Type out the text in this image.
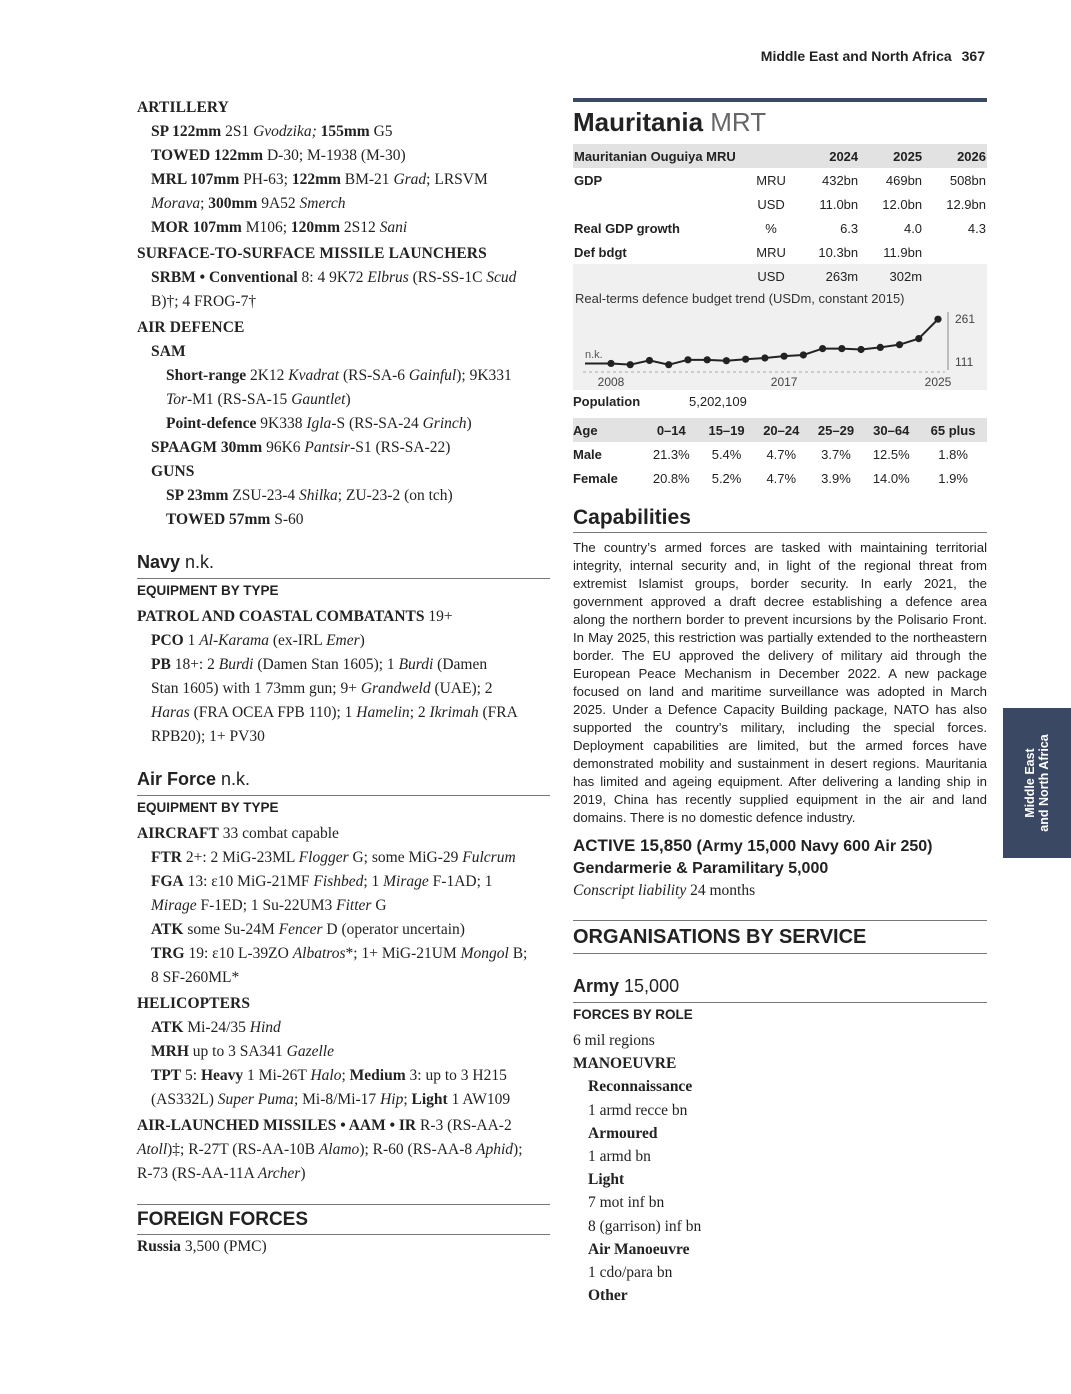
Middle East and North Africa 367
Middle East
and North Africa

ARTILLERY

SP 122mm 2S1 Gvodzika; 155mm G5

TOWED 122mm D-30; M-1938 (M-30)

MRL 107mm PH-63; 122mm BM-21 Grad; LRSVM

Morava; 300mm 9A52 Smerch

MOR 107mm M106; 120mm 2S12 Sani

SURFACE-TO-SURFACE MISSILE LAUNCHERS

SRBM • Conventional 8: 4 9K72 Elbrus (RS-SS-1C Scud

B)†; 4 FROG-7†

AIR DEFENCE

SAM

Short-range 2K12 Kvadrat (RS-SA-6 Gainful); 9K331

Tor-M1 (RS-SA-15 Gauntlet)

Point-defence 9K338 Igla-S (RS-SA-24 Grinch)

SPAAGM 30mm 96K6 Pantsir-S1 (RS-SA-22)

GUNS

SP 23mm ZSU-23-4 Shilka; ZU-23-2 (on tch)

TOWED 57mm S-60

Navy n.k.
EQUIPMENT BY TYPE

PATROL AND COASTAL COMBATANTS 19+

PCO 1 Al-Karama (ex-IRL Emer)

PB 18+: 2 Burdi (Damen Stan 1605); 1 Burdi (Damen

Stan 1605) with 1 73mm gun; 9+ Grandweld (UAE); 2

Haras (FRA OCEA FPB 110); 1 Hamelin; 2 Ikrimah (FRA

RPB20); 1+ PV30

Air Force n.k.
EQUIPMENT BY TYPE

AIRCRAFT 33 combat capable

FTR 2+: 2 MiG-23ML Flogger G; some MiG-29 Fulcrum

FGA 13: ε10 MiG-21MF Fishbed; 1 Mirage F-1AD; 1

Mirage F-1ED; 1 Su-22UM3 Fitter G

ATK some Su-24M Fencer D (operator uncertain)

TRG 19: ε10 L-39ZO Albatros*; 1+ MiG-21UM Mongol B;

8 SF-260ML*

HELICOPTERS

ATK Mi-24/35 Hind

MRH up to 3 SA341 Gazelle

TPT 5: Heavy 1 Mi-26T Halo; Medium 3: up to 3 H215

(AS332L) Super Puma; Mi-8/Mi-17 Hip; Light 1 AW109

AIR-LAUNCHED MISSILES • AAM • IR R-3 (RS-AA-2

Atoll)‡; R-27T (RS-AA-10B Alamo); R-60 (RS-AA-8 Aphid);

R-73 (RS-AA-11A Archer)

FOREIGN FORCES

Russia 3,500 (PMC)

Mauritania MRT
Mauritanian Ouguiya MRU		2024	2025	2026
GDP	MRU	432bn	469bn	508bn
	USD	11.0bn	12.0bn	12.9bn
Real GDP growth	%	6.3	4.0	4.3
Def bdgt	MRU	10.3bn	11.9bn	
	USD	263m	302m	
Real-terms defence budget trend (USDm, constant 2015)
n.k.
2008	2017	2025
261
111
Population	5,202,109
Age	0–14	15–19	20–24	25–29	30–64	65 plus
Male	21.3%	5.4%	4.7%	3.7%	12.5%	1.8%
Female	20.8%	5.2%	4.7%	3.9%	14.0%	1.9%
Capabilities
The country’s armed forces are tasked with maintaining territorial integrity, internal security and, in light of the regional threat from extremist Islamist groups, border security. In early 2021, the government approved a draft decree establishing a defence area along the northern border to prevent incursions by the Polisario Front. In May 2025, this restriction was partially extended to the northeastern border. The EU approved the delivery of military aid through the European Peace Mechanism in December 2022. A new package focused on land and maritime surveillance was adopted in March 2025. Under a Defence Capacity Building package, NATO has also supported the country’s military, including the special forces. Deployment capabilities are limited, but the armed forces have demonstrated mobility and sustainment in desert regions. Mauritania has limited and ageing equipment. After delivering a landing ship in 2019, China has recently supplied equipment in the air and land domains. There is no domestic defence industry.
ACTIVE 15,850 (Army 15,000 Navy 600 Air 250)
Gendarmerie & Paramilitary 5,000
Conscript liability 24 months
ORGANISATIONS BY SERVICE
Army 15,000
FORCES BY ROLE
6 mil regions
MANOEUVRE
Reconnaissance
1 armd recce bn
Armoured
1 armd bn
Light
7 mot inf bn
8 (garrison) inf bn
Air Manoeuvre
1 cdo/para bn
Other
